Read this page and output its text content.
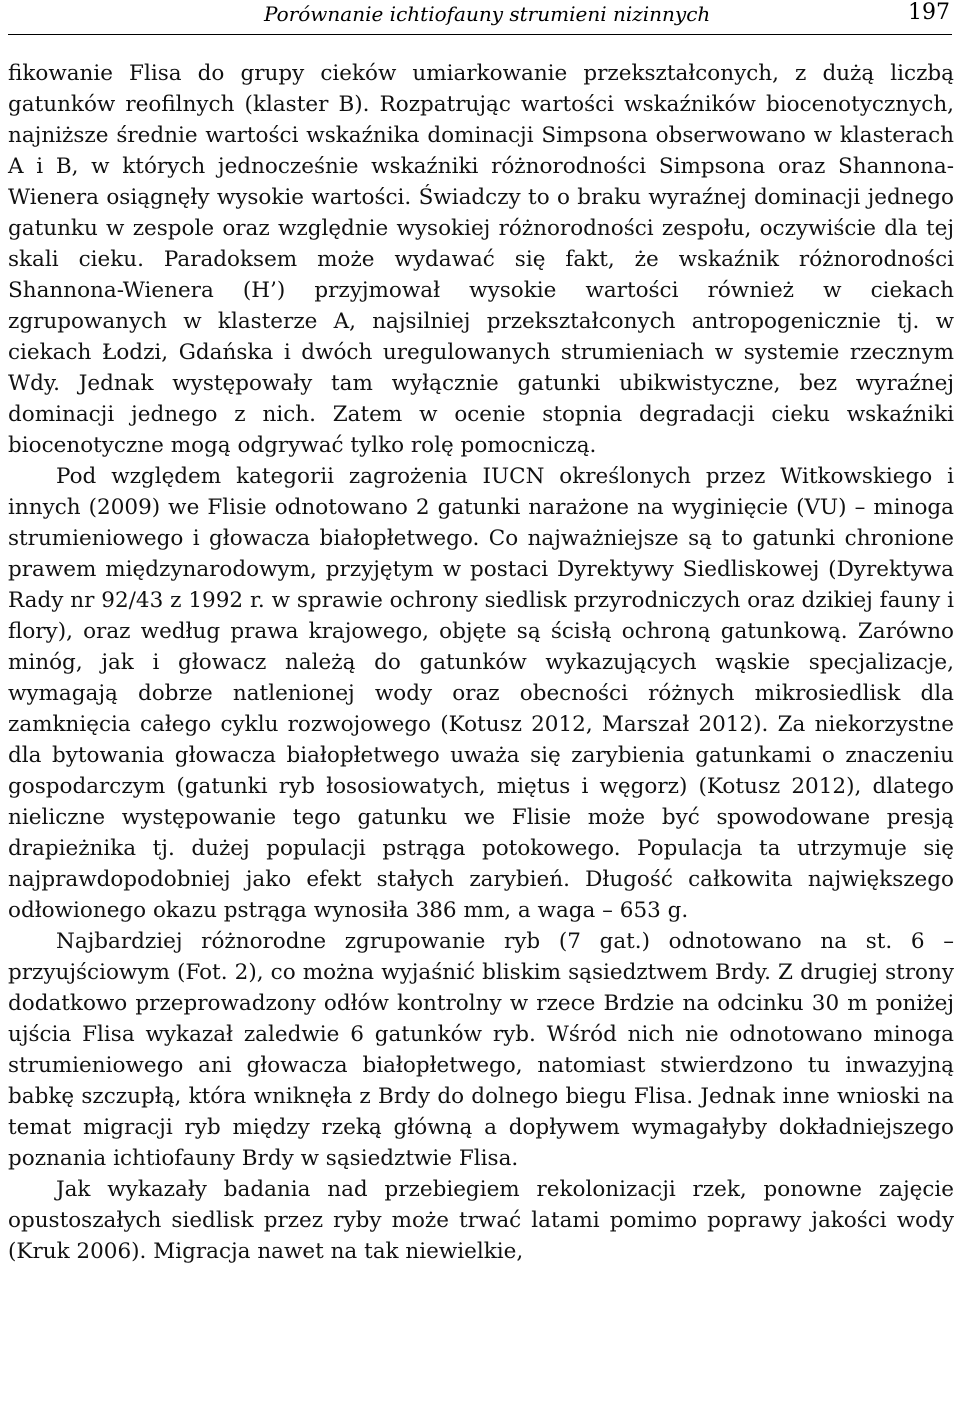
Porównanie ichtiofauny strumieni nizinnych	197

fikowanie Flisa do grupy cieków umiarkowanie przekształconych, z dużą liczbą gatunków reofilnych (klaster B). Rozpatrując wartości wskaźników biocenotycznych, najniższe średnie wartości wskaźnika dominacji Simpsona obserwowano w klasterach A i B, w których jednocześnie wskaźniki różnorodności Simpsona oraz Shannona-Wienera osiągnęły wysokie wartości. Świadczy to o braku wyraźnej dominacji jednego gatunku w zespole oraz względnie wysokiej różnorodności zespołu, oczywiście dla tej skali cieku. Paradoksem może wydawać się fakt, że wskaźnik różnorodności Shannona-Wienera (H’) przyjmował wysokie wartości również w ciekach zgrupowanych w klasterze A, najsilniej przekształconych antropogenicznie tj. w ciekach Łodzi, Gdańska i dwóch uregulowanych strumieniach w systemie rzecznym Wdy. Jednak występowały tam wyłącznie gatunki ubikwistyczne, bez wyraźnej dominacji jednego z nich. Zatem w ocenie stopnia degradacji cieku wskaźniki biocenotyczne mogą odgrywać tylko rolę pomocniczą.

Pod względem kategorii zagrożenia IUCN określonych przez Witkowskiego i innych (2009) we Flisie odnotowano 2 gatunki narażone na wyginięcie (VU) – minoga strumieniowego i głowacza białopłetwego. Co najważniejsze są to gatunki chronione prawem międzynarodowym, przyjętym w postaci Dyrektywy Siedliskowej (Dyrektywa Rady nr 92/43 z 1992 r. w sprawie ochrony siedlisk przyrodniczych oraz dzikiej fauny i flory), oraz według prawa krajowego, objęte są ścisłą ochroną gatunkową. Zarówno minóg, jak i głowacz należą do gatunków wykazujących wąskie specjalizacje, wymagają dobrze natlenionej wody oraz obecności różnych mikrosiedlisk dla zamknięcia całego cyklu rozwojowego (Kotusz 2012, Marszał 2012). Za niekorzystne dla bytowania głowacza białopłetwego uważa się zarybienia gatunkami o znaczeniu gospodarczym (gatunki ryb łososiowatych, miętus i węgorz) (Kotusz 2012), dlatego nieliczne występowanie tego gatunku we Flisie może być spowodowane presją drapieżnika tj. dużej populacji pstrąga potokowego. Populacja ta utrzymuje się najprawdopodobniej jako efekt stałych zarybień. Długość całkowita największego odłowionego okazu pstrąga wynosiła 386 mm, a waga – 653 g.

Najbardziej różnorodne zgrupowanie ryb (7 gat.) odnotowano na st. 6 – przyujściowym (Fot. 2), co można wyjaśnić bliskim sąsiedztwem Brdy. Z drugiej strony dodatkowo przeprowadzony odłów kontrolny w rzece Brdzie na odcinku 30 m poniżej ujścia Flisa wykazał zaledwie 6 gatunków ryb. Wśród nich nie odnotowano minoga strumieniowego ani głowacza białopłetwego, natomiast stwierdzono tu inwazyjną babkę szczupłą, która wniknęła z Brdy do dolnego biegu Flisa. Jednak inne wnioski na temat migracji ryb między rzeką główną a dopływem wymagałyby dokładniejszego poznania ichtiofauny Brdy w sąsiedztwie Flisa.

Jak wykazały badania nad przebiegiem rekolonizacji rzek, ponowne zajęcie opustoszałych siedlisk przez ryby może trwać latami pomimo poprawy jakości wody (Kruk 2006). Migracja nawet na tak niewielkie,
